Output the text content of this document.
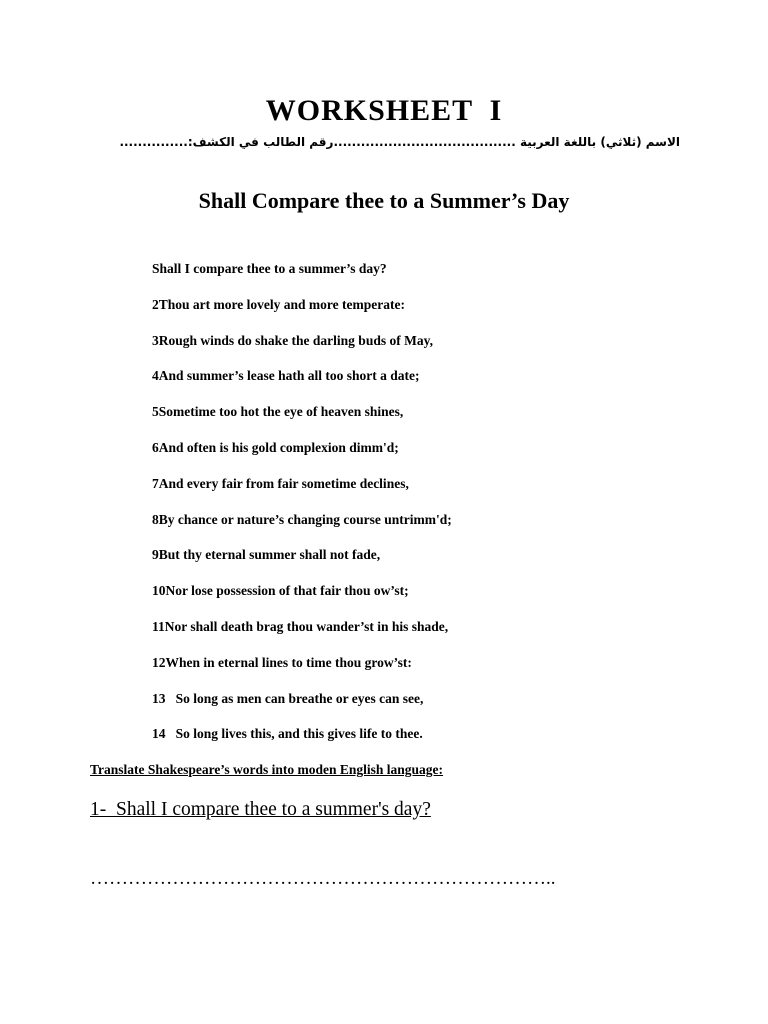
WORKSHEET  I
الاسم (ثلاثي) باللغة العربية ........................................رقم الطالب في الكشف:...............
Shall Compare thee to a Summer’s Day
Shall I compare thee to a summer’s day?
2Thou art more lovely and more temperate:
3Rough winds do shake the darling buds of May,
4And summer’s lease hath all too short a date;
5Sometime too hot the eye of heaven shines,
6And often is his gold complexion dimm'd;
7And every fair from fair sometime declines,
8By chance or nature’s changing course untrimm'd;
9But thy eternal summer shall not fade,
10Nor lose possession of that fair thou ow’st;
11Nor shall death brag thou wander’st in his shade,
12When in eternal lines to time thou grow’st:
13   So long as men can breathe or eyes can see,
14   So long lives this, and this gives life to thee.
Translate Shakespeare’s words into moden English language:
1-  Shall I compare thee to a summer's day?
………………………………………………………………..
